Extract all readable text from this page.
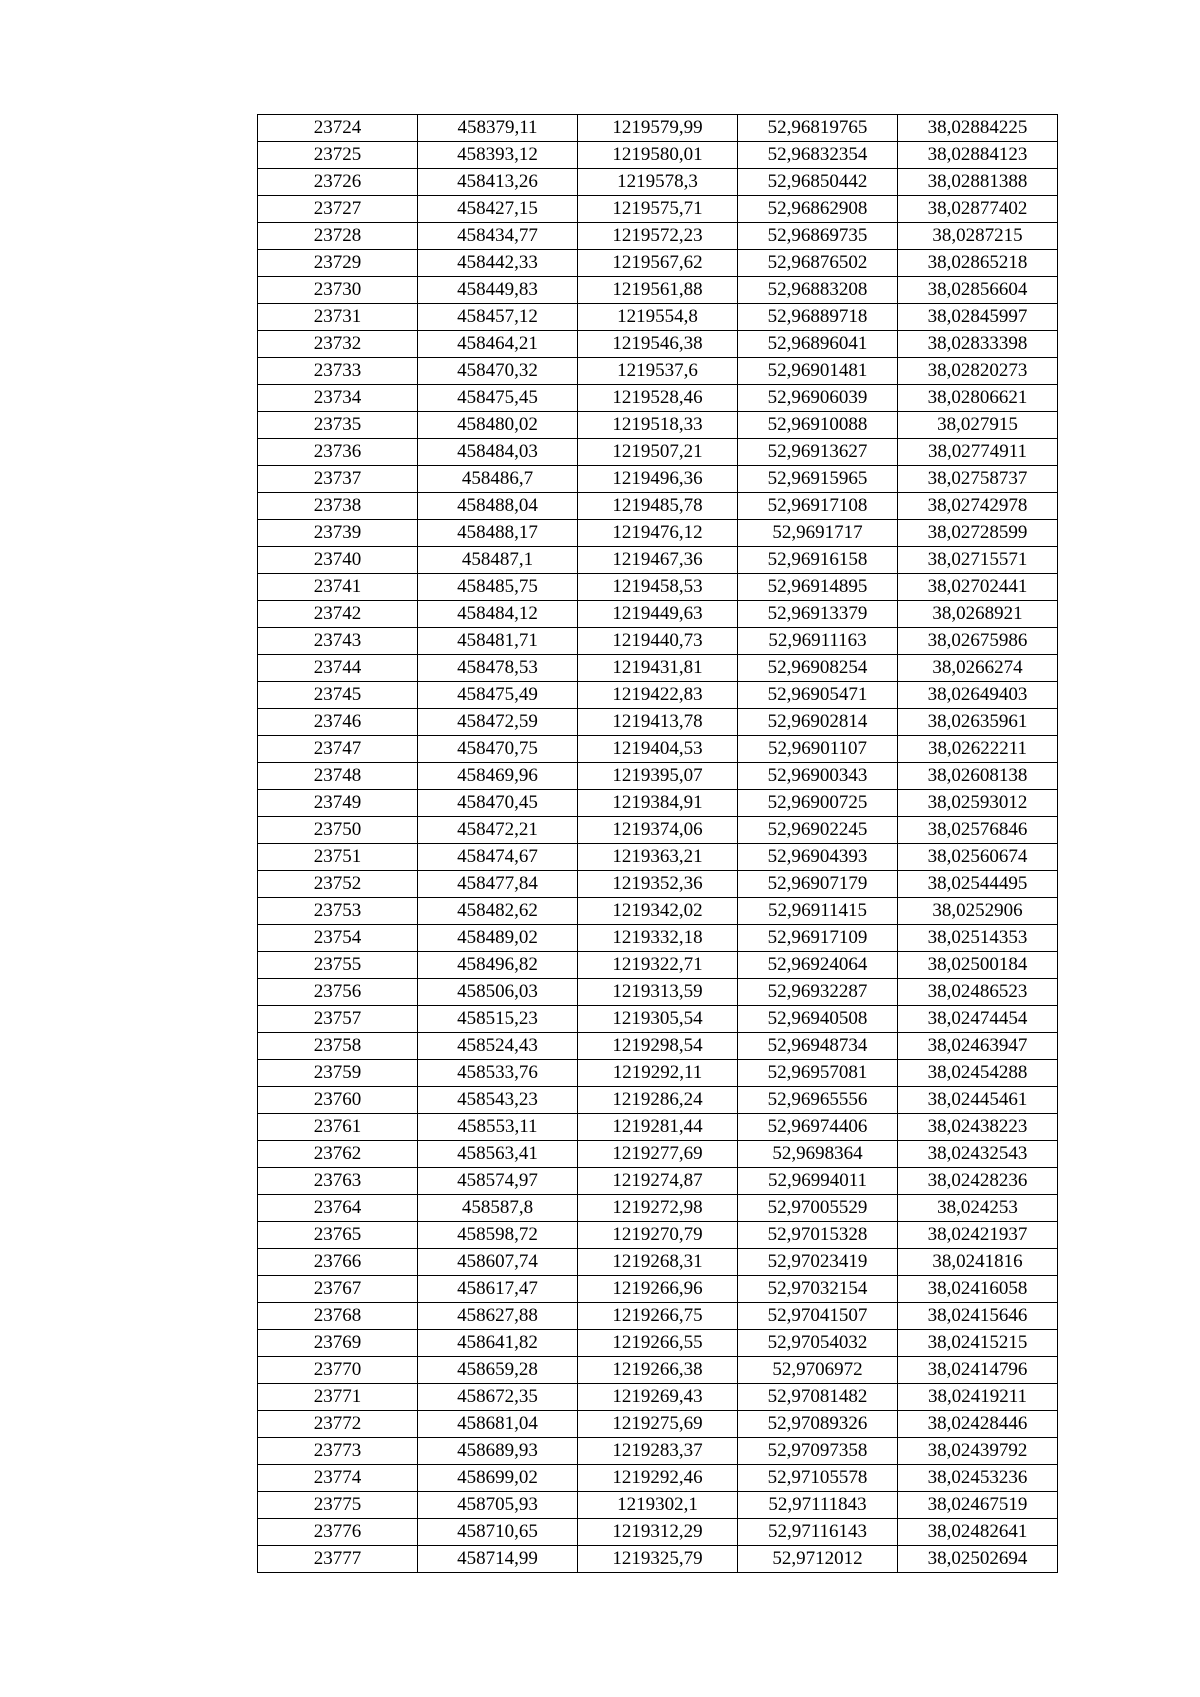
23724	458379,11	1219579,99	52,96819765	38,02884225
23725	458393,12	1219580,01	52,96832354	38,02884123
23726	458413,26	1219578,3	52,96850442	38,02881388
23727	458427,15	1219575,71	52,96862908	38,02877402
23728	458434,77	1219572,23	52,96869735	38,0287215
23729	458442,33	1219567,62	52,96876502	38,02865218
23730	458449,83	1219561,88	52,96883208	38,02856604
23731	458457,12	1219554,8	52,96889718	38,02845997
23732	458464,21	1219546,38	52,96896041	38,02833398
23733	458470,32	1219537,6	52,96901481	38,02820273
23734	458475,45	1219528,46	52,96906039	38,02806621
23735	458480,02	1219518,33	52,96910088	38,027915
23736	458484,03	1219507,21	52,96913627	38,02774911
23737	458486,7	1219496,36	52,96915965	38,02758737
23738	458488,04	1219485,78	52,96917108	38,02742978
23739	458488,17	1219476,12	52,9691717	38,02728599
23740	458487,1	1219467,36	52,96916158	38,02715571
23741	458485,75	1219458,53	52,96914895	38,02702441
23742	458484,12	1219449,63	52,96913379	38,0268921
23743	458481,71	1219440,73	52,96911163	38,02675986
23744	458478,53	1219431,81	52,96908254	38,0266274
23745	458475,49	1219422,83	52,96905471	38,02649403
23746	458472,59	1219413,78	52,96902814	38,02635961
23747	458470,75	1219404,53	52,96901107	38,02622211
23748	458469,96	1219395,07	52,96900343	38,02608138
23749	458470,45	1219384,91	52,96900725	38,02593012
23750	458472,21	1219374,06	52,96902245	38,02576846
23751	458474,67	1219363,21	52,96904393	38,02560674
23752	458477,84	1219352,36	52,96907179	38,02544495
23753	458482,62	1219342,02	52,96911415	38,0252906
23754	458489,02	1219332,18	52,96917109	38,02514353
23755	458496,82	1219322,71	52,96924064	38,02500184
23756	458506,03	1219313,59	52,96932287	38,02486523
23757	458515,23	1219305,54	52,96940508	38,02474454
23758	458524,43	1219298,54	52,96948734	38,02463947
23759	458533,76	1219292,11	52,96957081	38,02454288
23760	458543,23	1219286,24	52,96965556	38,02445461
23761	458553,11	1219281,44	52,96974406	38,02438223
23762	458563,41	1219277,69	52,9698364	38,02432543
23763	458574,97	1219274,87	52,96994011	38,02428236
23764	458587,8	1219272,98	52,97005529	38,024253
23765	458598,72	1219270,79	52,97015328	38,02421937
23766	458607,74	1219268,31	52,97023419	38,0241816
23767	458617,47	1219266,96	52,97032154	38,02416058
23768	458627,88	1219266,75	52,97041507	38,02415646
23769	458641,82	1219266,55	52,97054032	38,02415215
23770	458659,28	1219266,38	52,9706972	38,02414796
23771	458672,35	1219269,43	52,97081482	38,02419211
23772	458681,04	1219275,69	52,97089326	38,02428446
23773	458689,93	1219283,37	52,97097358	38,02439792
23774	458699,02	1219292,46	52,97105578	38,02453236
23775	458705,93	1219302,1	52,97111843	38,02467519
23776	458710,65	1219312,29	52,97116143	38,02482641
23777	458714,99	1219325,79	52,9712012	38,02502694
